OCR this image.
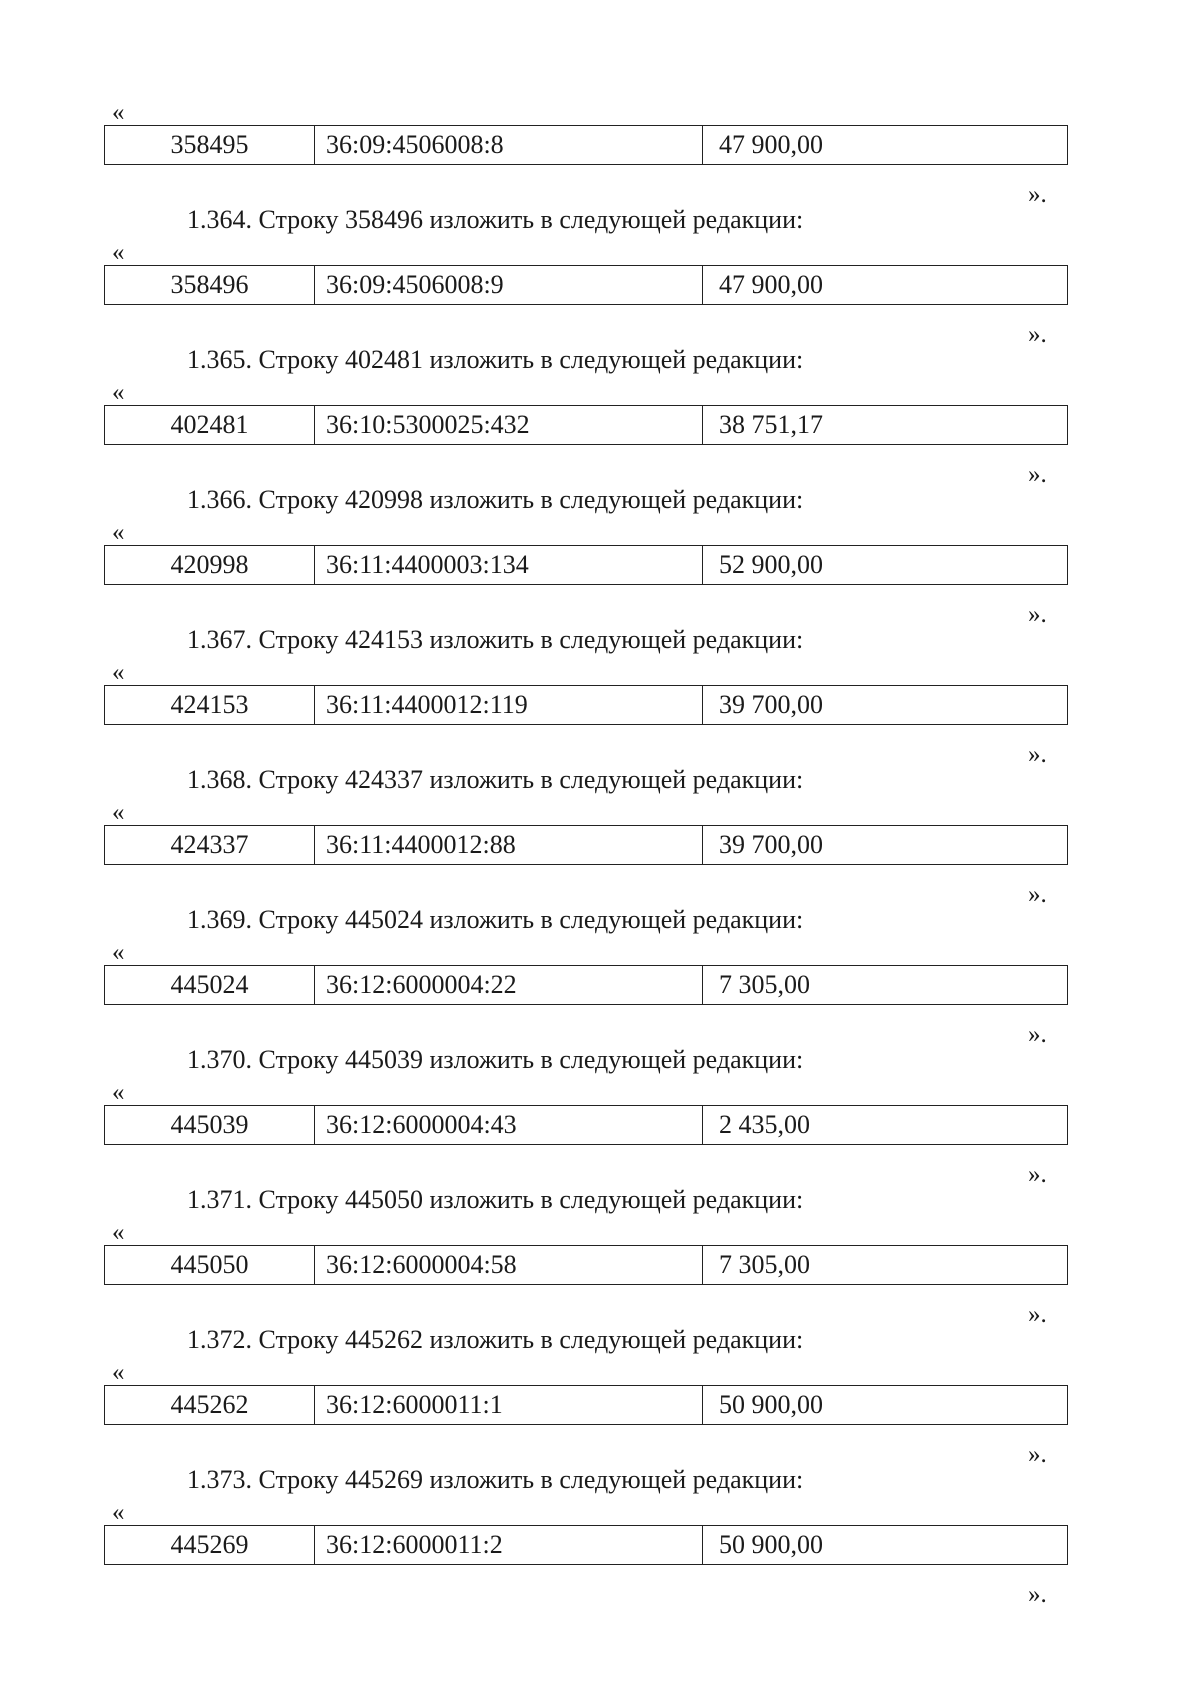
«
358495	36:09:4506008:8	47 900,00
».
1.364. Строку 358496 изложить в следующей редакции:
«
358496	36:09:4506008:9	47 900,00
».
1.365. Строку 402481 изложить в следующей редакции:
«
402481	36:10:5300025:432	38 751,17
».
1.366. Строку 420998 изложить в следующей редакции:
«
420998	36:11:4400003:134	52 900,00
».
1.367. Строку 424153 изложить в следующей редакции:
«
424153	36:11:4400012:119	39 700,00
».
1.368. Строку 424337 изложить в следующей редакции:
«
424337	36:11:4400012:88	39 700,00
».
1.369. Строку 445024 изложить в следующей редакции:
«
445024	36:12:6000004:22	7 305,00
».
1.370. Строку 445039 изложить в следующей редакции:
«
445039	36:12:6000004:43	2 435,00
».
1.371. Строку 445050 изложить в следующей редакции:
«
445050	36:12:6000004:58	7 305,00
».
1.372. Строку 445262 изложить в следующей редакции:
«
445262	36:12:6000011:1	50 900,00
».
1.373. Строку 445269 изложить в следующей редакции:
«
445269	36:12:6000011:2	50 900,00
».
